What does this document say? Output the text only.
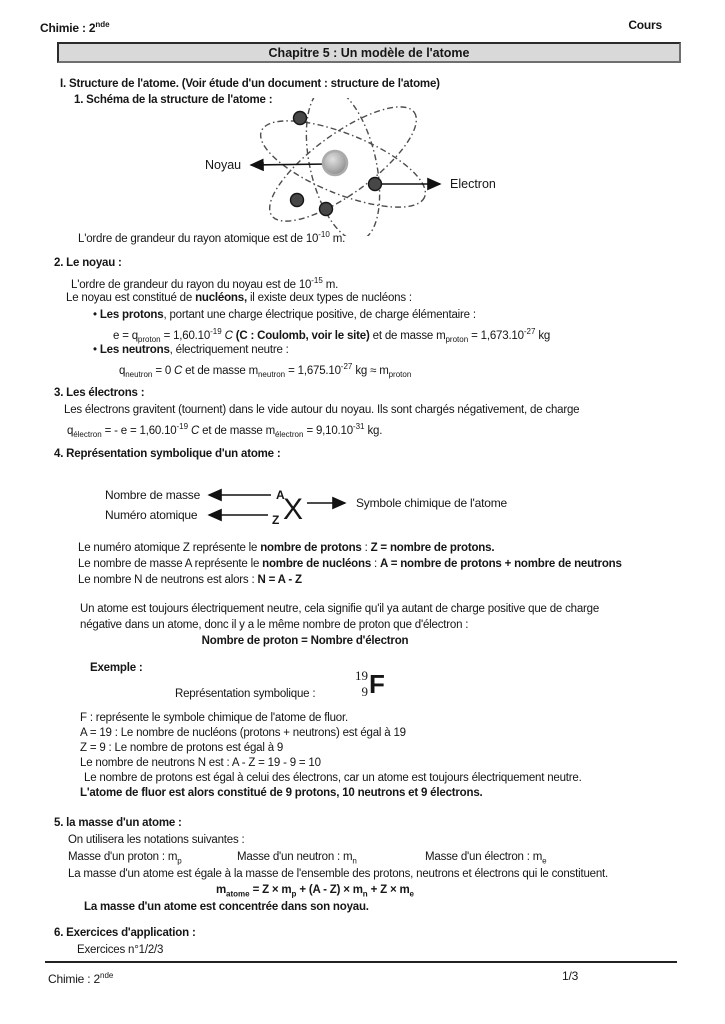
Chimie : 2nde	Cours
Chapitre 5 : Un modèle de l'atome
I. Structure de l'atome. (Voir étude d'un document : structure de l'atome)
1. Schéma de la structure de l'atome :
Noyau
Electron
L'ordre de grandeur du rayon atomique est de $10^{-10}$ m.
2. Le noyau :
L'ordre de grandeur du rayon du noyau est de $10^{-15}$ m.
Le noyau est constitué de nucléons, il existe deux types de nucléons :
• Les protons, portant une charge électrique positive, de charge élémentaire :
$e = q_{proton} = 1,60.10^{-19}$ C (C : Coulomb, voir le site) et de masse $m_{proton} = 1,673.10^{-27}$ kg
• Les neutrons, électriquement neutre :
$q_{neutron} = 0$ C et de masse $m_{neutron} = 1,675.10^{-27}$ kg ≈ $m_{proton}$
3. Les électrons :
Les électrons gravitent (tournent) dans le vide autour du noyau. Ils sont chargés négativement, de charge
$q_{électron}$ = - $e = 1,60.10^{-19}$ C et de masse $m_{électron} = 9,10.10^{-31}$ kg.
4. Représentation symbolique d'un atome :
Nombre de masse
Numéro atomique
A
X
Z
Symbole chimique de l'atome
Le numéro atomique Z représente le nombre de protons : Z = nombre de protons.
Le nombre de masse A représente le nombre de nucléons : A = nombre de protons + nombre de neutrons
Le nombre N de neutrons est alors : N = A - Z
Un atome est toujours électriquement neutre, cela signifie qu'il ya autant de charge positive que de charge
négative dans un atome, donc il y a le même nombre de proton que d'électron :
Nombre de proton = Nombre d'électron
Exemple :
Représentation symbolique :
19
9 F
F : représente le symbole chimique de l'atome de fluor.
A = 19 : Le nombre de nucléons (protons + neutrons) est égal à 19
Z = 9 : Le nombre de protons est égal à 9
Le nombre de neutrons N est : A - Z = 19 - 9 = 10
Le nombre de protons est égal à celui des électrons, car un atome est toujours électriquement neutre.
L'atome de fluor est alors constitué de 9 protons, 10 neutrons et 9 électrons.
5. la masse d'un atome :
On utilisera les notations suivantes :
Masse d'un proton : $m_p$	Masse d'un neutron : $m_n$	Masse d'un électron : $m_e$
La masse d'un atome est égale à la masse de l'ensemble des protons, neutrons et électrons qui le constituent.
$m_{atome} = Z \times m_p + (A - Z) \times m_n + Z \times m_e$
La masse d'un atome est concentrée dans son noyau.
6. Exercices d'application :
Exercices n°1/2/3
Chimie : 2nde	1/3
